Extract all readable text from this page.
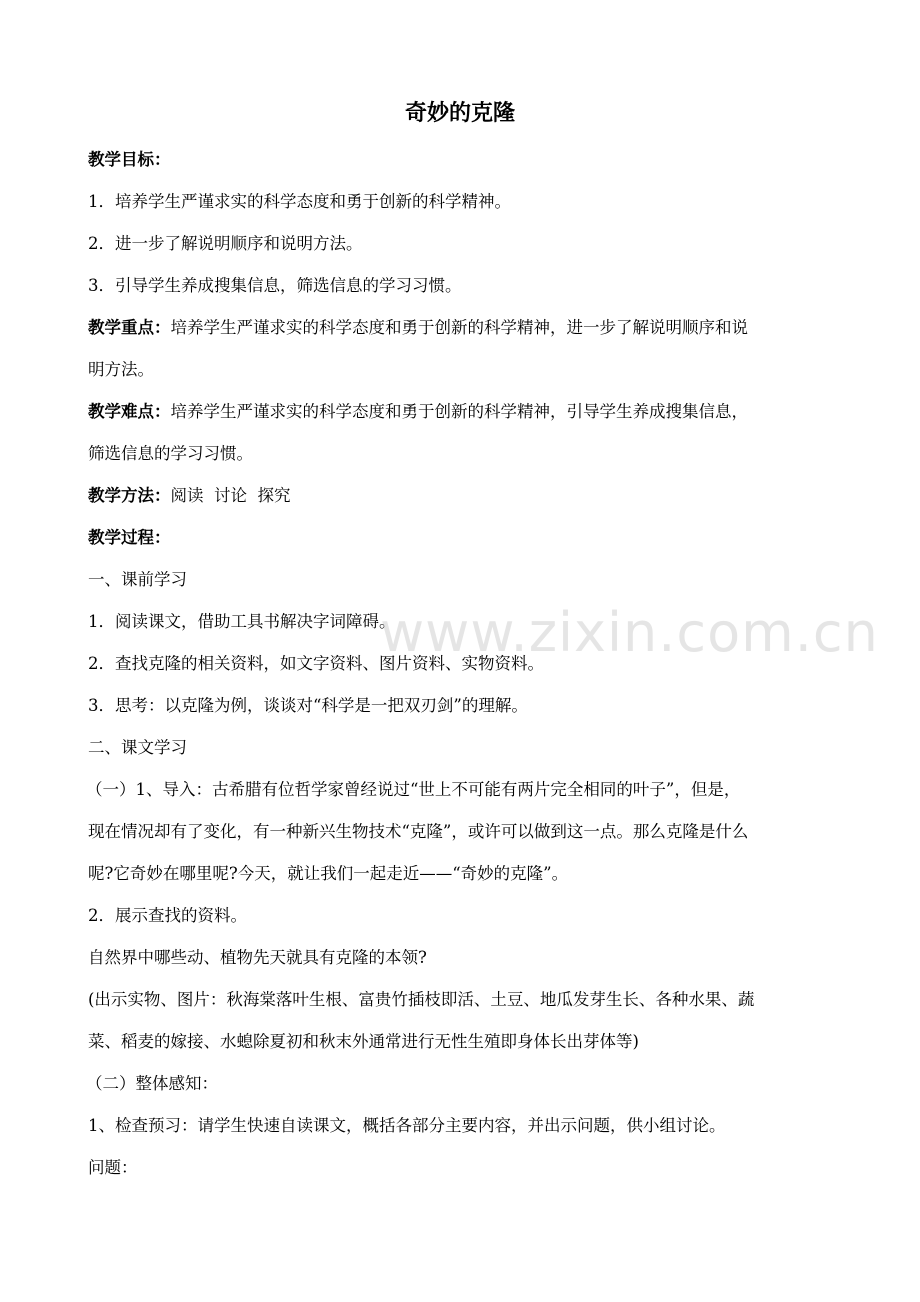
奇妙的克隆
教学目标：
1．培养学生严谨求实的科学态度和勇于创新的科学精神。
2．进一步了解说明顺序和说明方法。
3．引导学生养成搜集信息，筛选信息的学习习惯。
教学重点：培养学生严谨求实的科学态度和勇于创新的科学精神，进一步了解说明顺序和说
明方法。
教学难点：培养学生严谨求实的科学态度和勇于创新的科学精神，引导学生养成搜集信息，
筛选信息的学习习惯。
教学方法：阅读  讨论  探究
教学过程：
一、课前学习
1．阅读课文，借助工具书解决字词障碍。
2．查找克隆的相关资料，如文字资料、图片资料、实物资料。
3．思考：以克隆为例，谈谈对“科学是一把双刃剑”的理解。
二、课文学习
（一）1、导入：古希腊有位哲学家曾经说过“世上不可能有两片完全相同的叶子”，但是，
现在情况却有了变化，有一种新兴生物技术“克隆”，或许可以做到这一点。那么克隆是什么
呢?它奇妙在哪里呢?今天，就让我们一起走近——“奇妙的克隆”。
2．展示查找的资料。
自然界中哪些动、植物先天就具有克隆的本领?
(出示实物、图片：秋海棠落叶生根、富贵竹插枝即活、土豆、地瓜发芽生长、各种水果、蔬
菜、稻麦的嫁接、水螅除夏初和秋末外通常进行无性生殖即身体长出芽体等)
（二）整体感知：
1、检查预习：请学生快速自读课文，概括各部分主要内容，并出示问题，供小组讨论。
问题：
www.zixin.com.cn
